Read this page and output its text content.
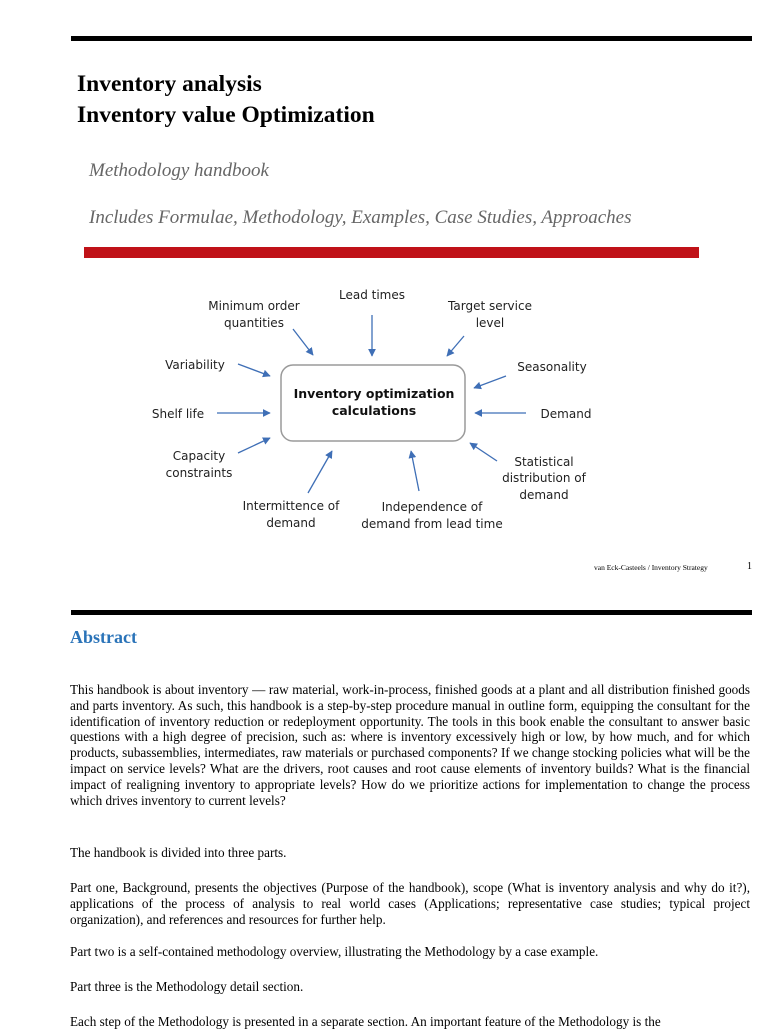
Inventory analysis
Inventory value Optimization
Methodology handbook
Includes Formulae, Methodology, Examples, Case Studies, Approaches
Inventory optimization
calculations
Minimum order
quantities
Lead times
Target service
level
Variability	Seasonality
Shelf life	Demand
Capacity
constraints
Statistical
distribution of
demand
Intermittence of
demand
Independence of
demand from lead time
van Eck-Casteels / Inventory Strategy	1
Abstract

This handbook is about inventory — raw material, work-in-process, finished goods at a plant and all distribution finished goods and parts inventory. As such, this handbook is a step-by-step procedure manual in outline form, equipping the consultant for the identification of inventory reduction or redeployment opportunity. The tools in this book enable the consultant to answer basic questions with a high degree of precision, such as: where is inventory excessively high or low, by how much, and for which products, subassemblies, intermediates, raw materials or purchased components? If we change stocking policies what will be the impact on service levels? What are the drivers, root causes and root cause elements of inventory builds? What is the financial impact of realigning inventory to appropriate levels? How do we prioritize actions for implementation to change the process which drives inventory to current levels?

The handbook is divided into three parts.

Part one, Background, presents the objectives (Purpose of the handbook), scope (What is inventory analysis and why do it?), applications of the process of analysis to real world cases (Applications; representative case studies; typical project organization), and references and resources for further help.

Part two is a self-contained methodology overview, illustrating the Methodology by a case example.

Part three is the Methodology detail section.

Each step of the Methodology is presented in a separate section. An important feature of the Methodology is the
